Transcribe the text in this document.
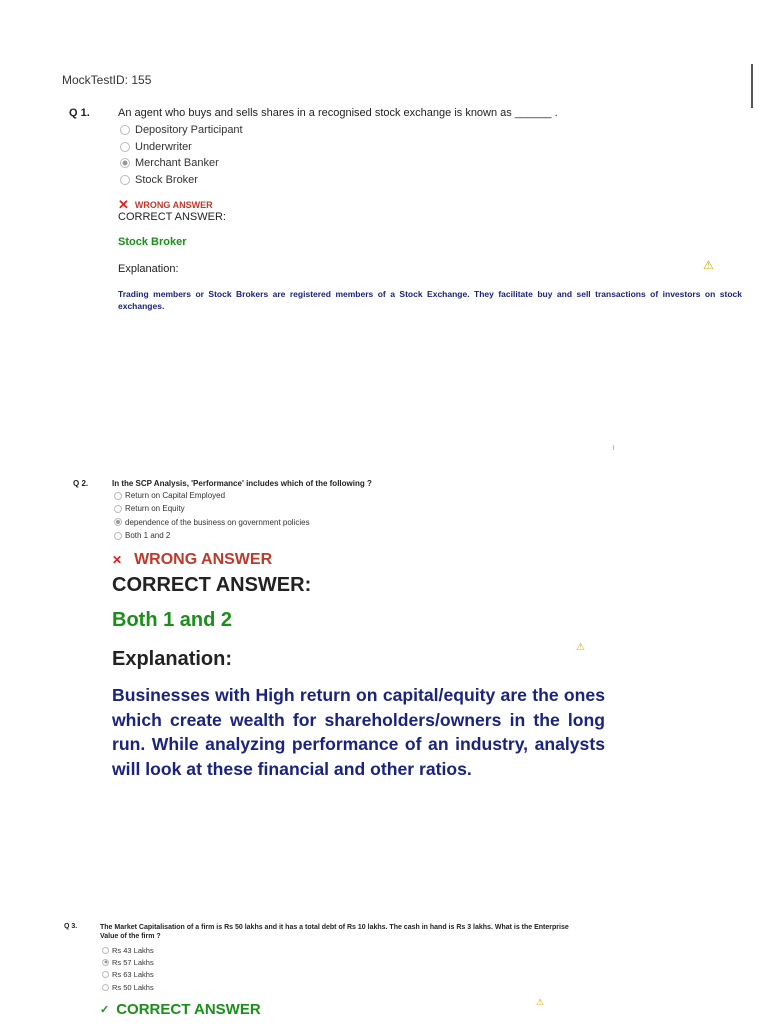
MockTestID: 155
Q 1.	An agent who buys and sells shares in a recognised stock exchange is known as ______ .
Depository Participant
Underwriter
Merchant Banker
Stock Broker
✕ WRONG ANSWER
CORRECT ANSWER:
Stock Broker
Explanation:	⚠
Trading members or Stock Brokers are registered members of a Stock Exchange. They facilitate buy and sell transactions of investors on stock exchanges.
Q 2.	In the SCP Analysis, 'Performance' includes which of the following ?
Return on Capital Employed
Return on Equity
dependence of the business on government policies
Both 1 and 2
✕ WRONG ANSWER
CORRECT ANSWER:
Both 1 and 2
Explanation:
⚠
Businesses with High return on capital/equity are the ones which create wealth for shareholders/owners in the long run. While analyzing performance of an industry, analysts will look at these financial and other ratios.
Q 3.	The Market Capitalisation of a firm is Rs 50 lakhs and it has a total debt of Rs 10 lakhs. The cash in hand is Rs 3 lakhs. What is the Enterprise Value of the firm ?
Rs 43 Lakhs
Rs 57 Lakhs
Rs 63 Lakhs
Rs 50 Lakhs
✓ CORRECT ANSWER	⚠
